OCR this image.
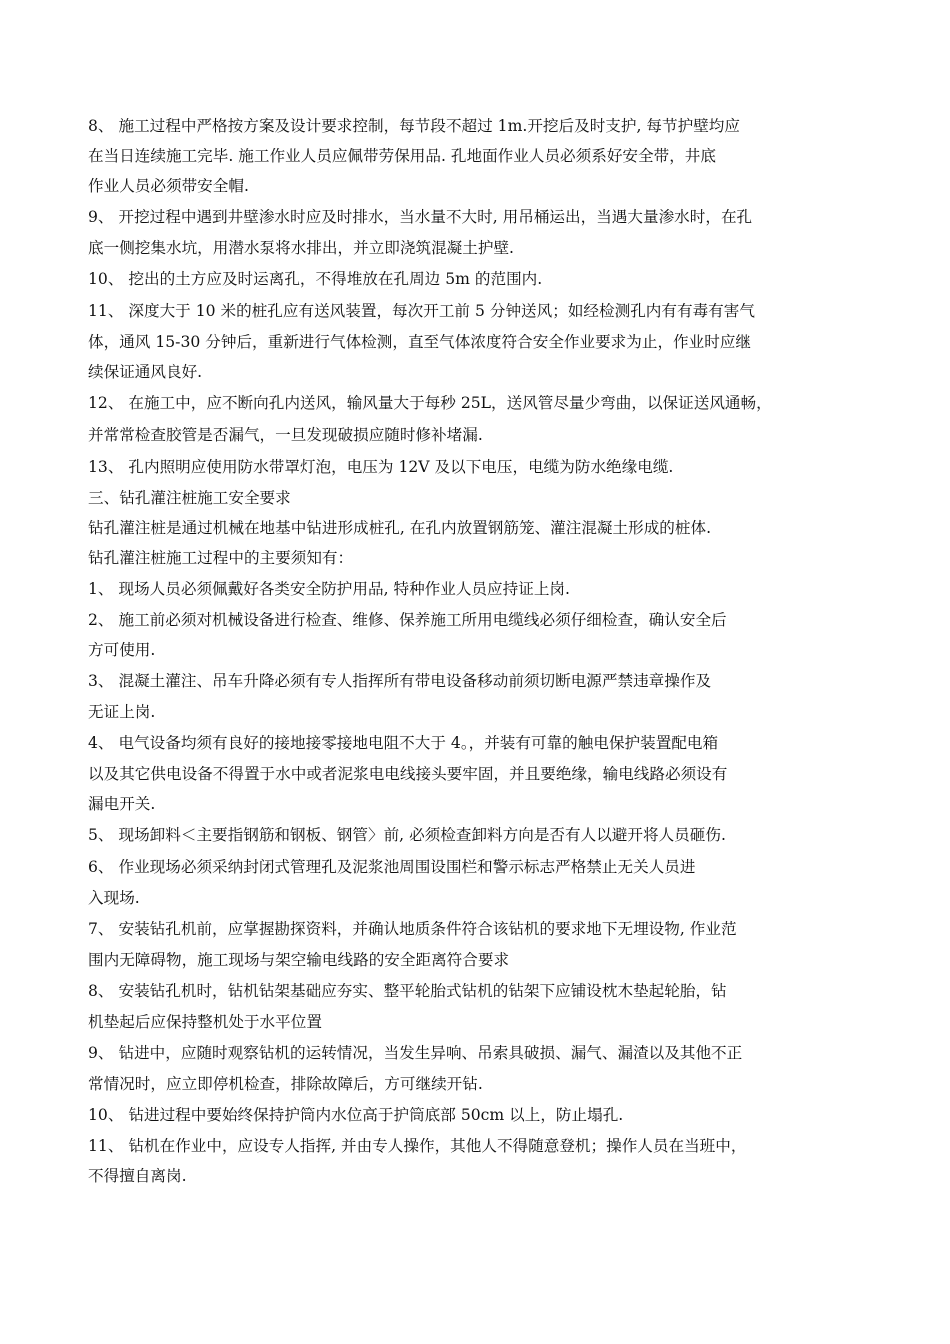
8、 施工过程中严格按方案及设计要求控制，每节段不超过 1m.开挖后及时支护, 每节护壁均应
在当日连续施工完毕. 施工作业人员应佩带劳保用品. 孔地面作业人员必须系好安全带，井底
作业人员必须带安全帽.
9、 开挖过程中遇到井壁渗水时应及时排水，当水量不大时, 用吊桶运出，当遇大量渗水时，在孔
底一侧挖集水坑，用潜水泵将水排出，并立即浇筑混凝土护壁.
10、 挖出的土方应及时运离孔，不得堆放在孔周边 5m 的范围内.
11、 深度大于 10 米的桩孔应有送风装置，每次开工前 5 分钟送风；如经检测孔内有有毒有害气
体，通风 15-30 分钟后，重新进行气体检测，直至气体浓度符合安全作业要求为止，作业时应继
续保证通风良好.
12、 在施工中，应不断向孔内送风，输风量大于每秒 25L，送风管尽量少弯曲，以保证送风通畅，
并常常检查胶管是否漏气，一旦发现破损应随时修补堵漏.
13、 孔内照明应使用防水带罩灯泡，电压为 12V 及以下电压，电缆为防水绝缘电缆.
三、钻孔灌注桩施工安全要求
钻孔灌注桩是通过机械在地基中钻进形成桩孔, 在孔内放置钢筋笼、灌注混凝土形成的桩体.
钻孔灌注桩施工过程中的主要须知有：
1、 现场人员必须佩戴好各类安全防护用品, 特种作业人员应持证上岗.
2、 施工前必须对机械设备进行检查、维修、保养施工所用电缆线必须仔细检查，确认安全后
方可使用.
3、 混凝土灌注、吊车升降必须有专人指挥所有带电设备移动前须切断电源严禁违章操作及
无证上岗.
4、 电气设备均须有良好的接地接零接地电阻不大于 4。，并装有可靠的触电保护装置配电箱
以及其它供电设备不得置于水中或者泥浆电电线接头要牢固，并且要绝缘，输电线路必须设有
漏电开关.
5、 现场卸料＜主要指钢筋和钢板、钢管〉前, 必须检查卸料方向是否有人以避开将人员砸伤.
6、 作业现场必须采纳封闭式管理孔及泥浆池周围设围栏和警示标志严格禁止无关人员进
入现场.
7、 安装钻孔机前，应掌握勘探资料，并确认地质条件符合该钻机的要求地下无埋设物, 作业范
围内无障碍物，施工现场与架空输电线路的安全距离符合要求
8、 安装钻孔机时，钻机钻架基础应夯实、整平轮胎式钻机的钻架下应铺设枕木垫起轮胎，钻
机垫起后应保持整机处于水平位置
9、 钻进中，应随时观察钻机的运转情况，当发生异响、吊索具破损、漏气、漏渣以及其他不正
常情况时，应立即停机检查，排除故障后，方可继续开钻.
10、 钻进过程中要始终保持护筒内水位高于护筒底部 50cm 以上，防止塌孔.
11、 钻机在作业中，应设专人指挥, 并由专人操作，其他人不得随意登机；操作人员在当班中，
不得擅自离岗.
